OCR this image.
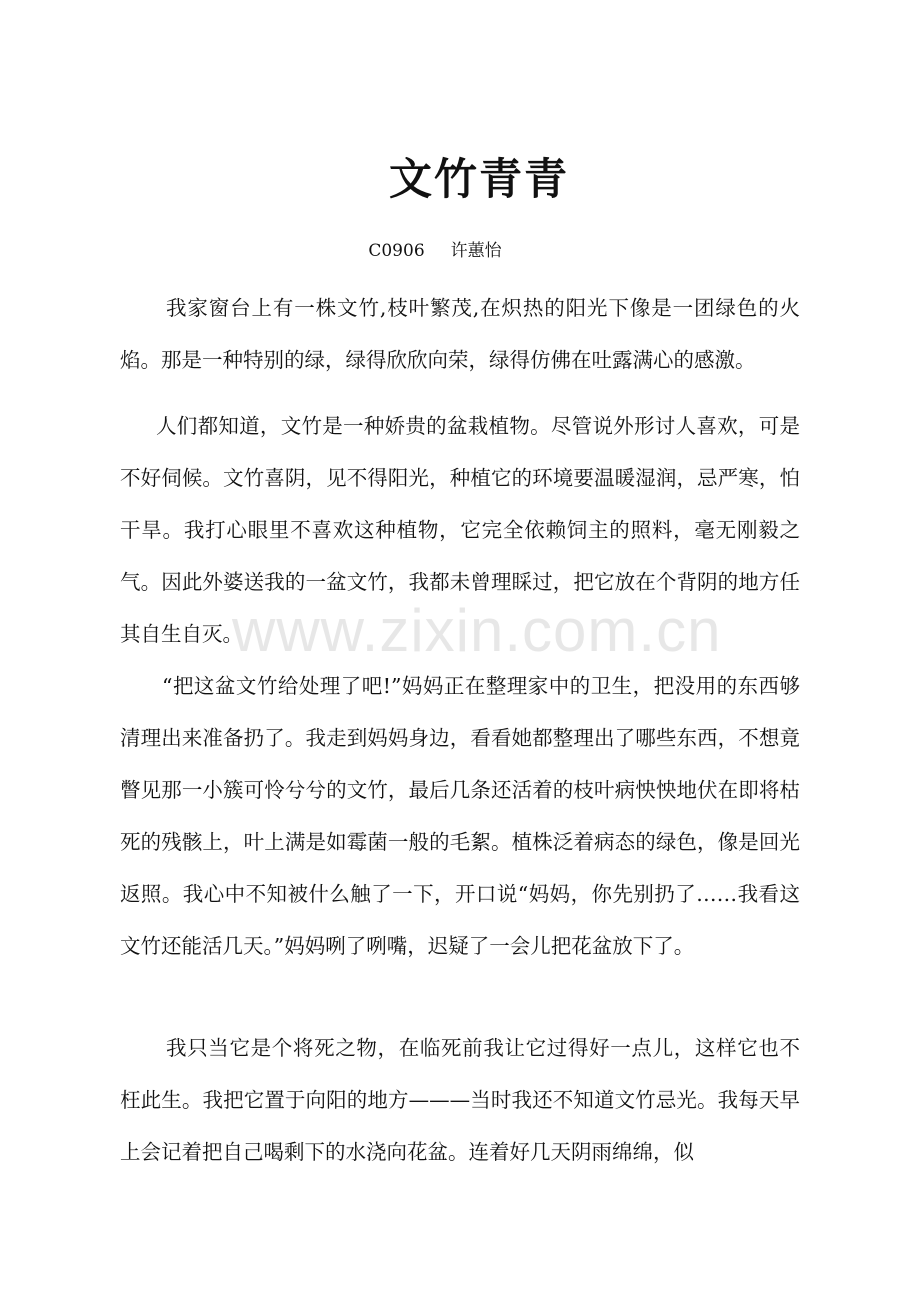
文竹青青

C0906 许蕙怡

我家窗台上有一株文竹,枝叶繁茂,在炽热的阳光下像是一团绿色的火焰。那是一种特别的绿，绿得欣欣向荣，绿得仿佛在吐露满心的感激。

人们都知道，文竹是一种娇贵的盆栽植物。尽管说外形讨人喜欢，可是不好伺候。文竹喜阴，见不得阳光，种植它的环境要温暖湿润，忌严寒，怕干旱。我打心眼里不喜欢这种植物，它完全依赖饲主的照料，毫无刚毅之气。因此外婆送我的一盆文竹，我都未曾理睬过，把它放在个背阴的地方任其自生自灭。

“把这盆文竹给处理了吧!”妈妈正在整理家中的卫生，把没用的东西够清理出来准备扔了。我走到妈妈身边，看看她都整理出了哪些东西，不想竟瞥见那一小簇可怜兮兮的文竹，最后几条还活着的枝叶病怏怏地伏在即将枯死的残骸上，叶上满是如霉菌一般的毛絮。植株泛着病态的绿色，像是回光返照。我心中不知被什么触了一下，开口说“妈妈，你先别扔了……我看这文竹还能活几天。”妈妈咧了咧嘴，迟疑了一会儿把花盆放下了。

我只当它是个将死之物，在临死前我让它过得好一点儿，这样它也不枉此生。我把它置于向阳的地方———当时我还不知道文竹忌光。我每天早上会记着把自己喝剩下的水浇向花盆。连着好几天阴雨绵绵，似

www.zixin.com.cn
